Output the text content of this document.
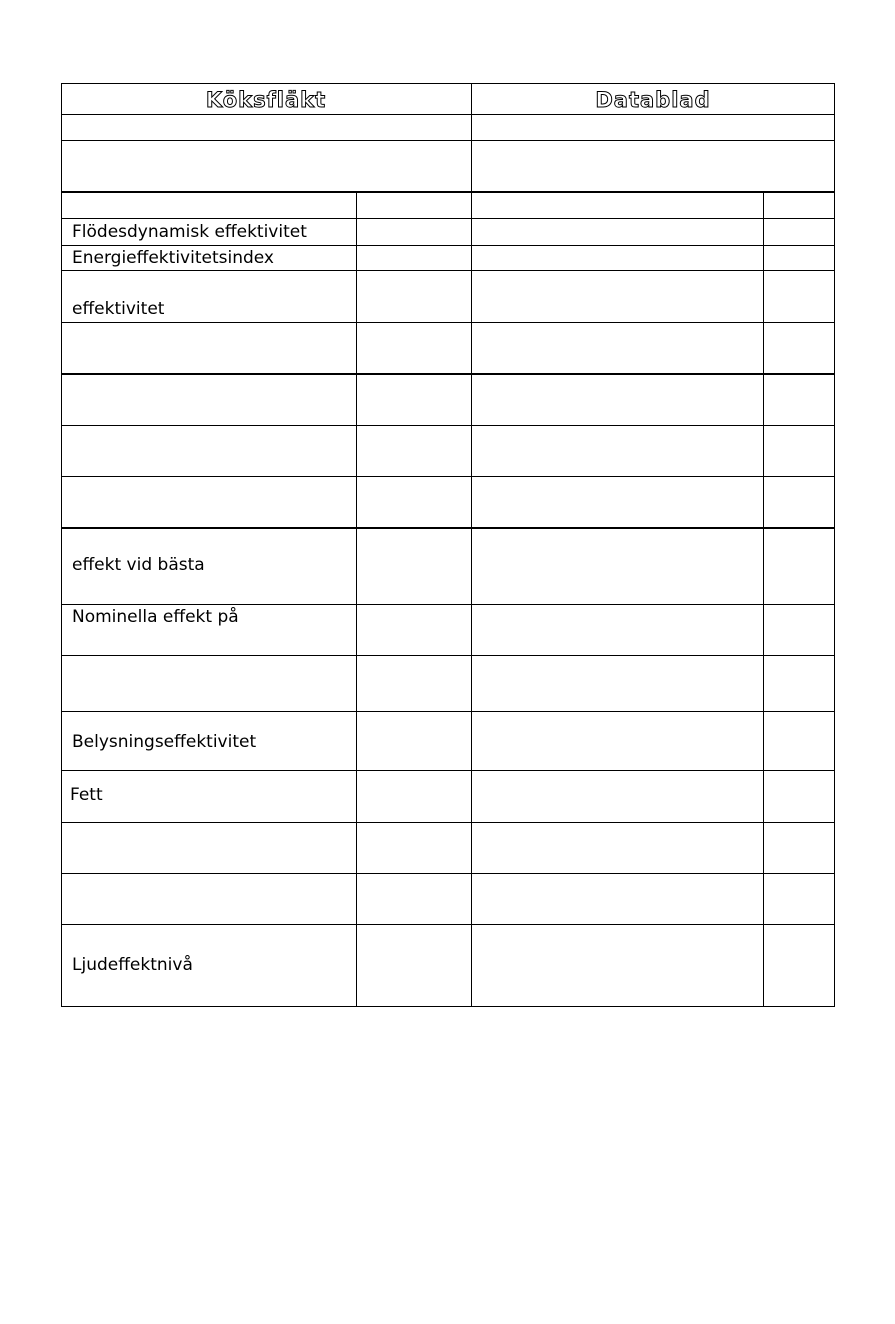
Köksfläkt	Datablad
Flödesdynamisk effektivitet
Energieffektivitetsindex
effektivitet
effekt vid bästa
Nominella effekt på
Belysningseffektivitet
Fett
Ljudeffektnivå
